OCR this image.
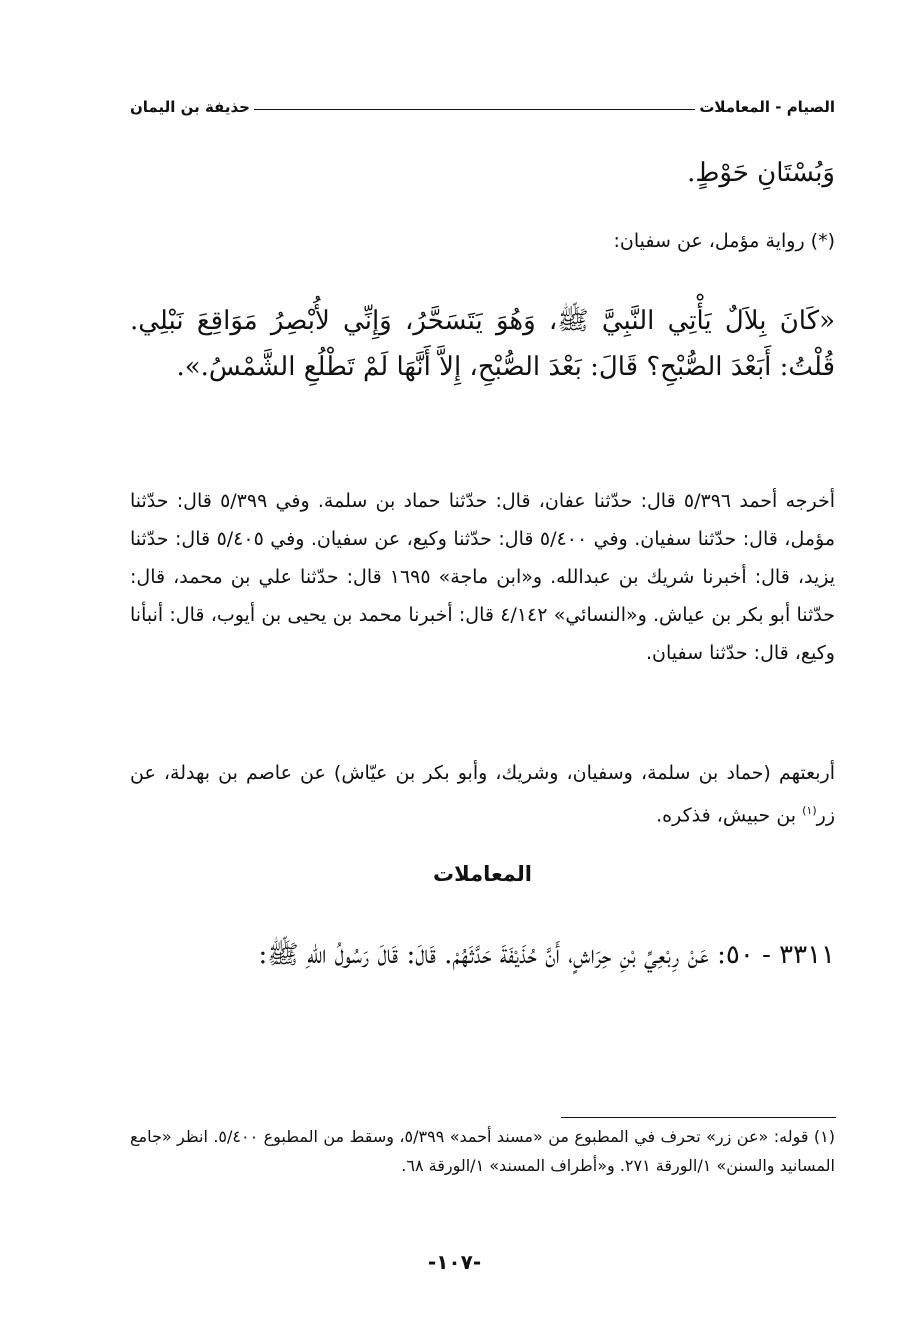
الصيام - المعاملات
حذيفة بن اليمان
وَبُسْتَانِ حَوْطٍ.
(*) رواية مؤمل، عن سفيان:
«كَانَ بِلاَلٌ يَأْتِي النَّبِيَّ ﷺ، وَهُوَ يَتَسَحَّرُ، وَإِنِّي لأُبْصِرُ مَوَاقِعَ نَبْلِي. قُلْتُ: أَبَعْدَ الصُّبْحِ؟ قَالَ: بَعْدَ الصُّبْحِ، إِلاَّ أَنَّهَا لَمْ تَطْلُعِ الشَّمْسُ.».
أخرجه أحمد ٥/٣٩٦ قال: حدّثنا عفان، قال: حدّثنا حماد بن سلمة. وفي ٥/٣٩٩ قال: حدّثنا مؤمل، قال: حدّثنا سفيان. وفي ٥/٤٠٠ قال: حدّثنا وكيع، عن سفيان. وفي ٥/٤٠٥ قال: حدّثنا يزيد، قال: أخبرنا شريك بن عبدالله. و«ابن ماجة» ١٦٩٥ قال: حدّثنا علي بن محمد، قال: حدّثنا أبو بكر بن عياش. و«النسائي» ٤/١٤٢ قال: أخبرنا محمد بن يحيى بن أيوب، قال: أنبأنا وكيع، قال: حدّثنا سفيان.
أربعتهم (حماد بن سلمة، وسفيان، وشريك، وأبو بكر بن عيّاش) عن عاصم بن بهدلة، عن زر$^{(١)}$ بن حبيش، فذكره.
المعاملات
٣٣١١ - ٥٠: عَنْ رِبْعِيِّ بْنِ حِرَاشٍ، أَنَّ حُذَيْفَةَ حَدَّثَهُمْ. قَالَ: قَالَ رَسُولُ اللهِ ﷺ:
(١) قوله: «عن زر» تحرف في المطبوع من «مسند أحمد» ٥/٣٩٩، وسقط من المطبوع ٥/٤٠٠. انظر «جامع المسانيد والسنن» ١/الورقة ٢٧١. و«أطراف المسند» ١/الورقة ٦٨.
-١٠٧-
